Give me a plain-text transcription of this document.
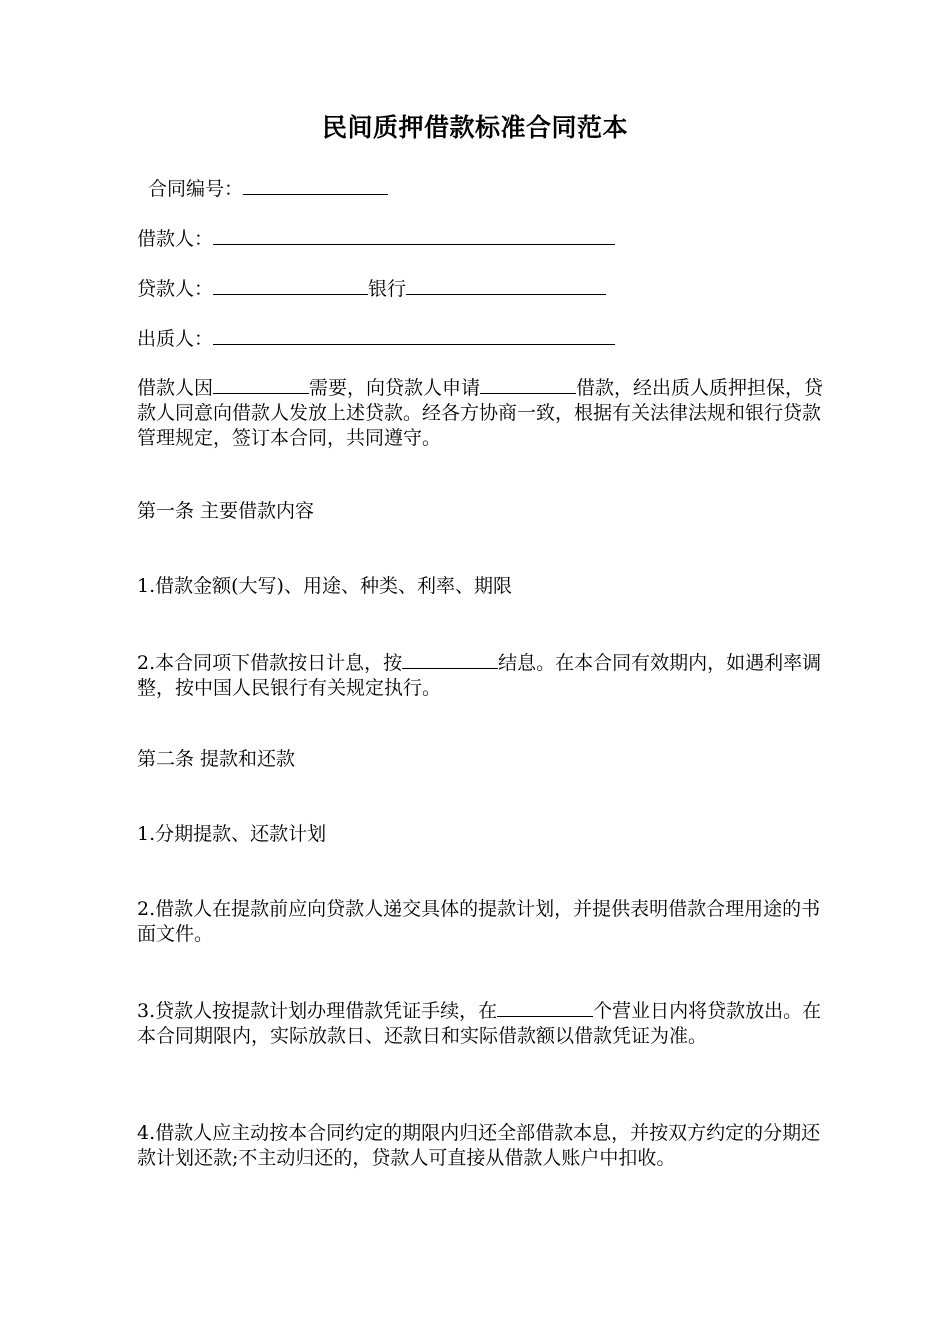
民间质押借款标准合同范本
合同编号：
借款人：
贷款人：	银行
出质人：
借款人因	需要，向贷款人申请	借款，经出质人质押担保，贷款人同意向借款人发放上述贷款。经各方协商一致，根据有关法律法规和银行贷款管理规定，签订本合同，共同遵守。
第一条 主要借款内容
1.借款金额(大写)、用途、种类、利率、期限
2.本合同项下借款按日计息，按	结息。在本合同有效期内，如遇利率调整，按中国人民银行有关规定执行。
第二条 提款和还款
1.分期提款、还款计划
2.借款人在提款前应向贷款人递交具体的提款计划，并提供表明借款合理用途的书面文件。
3.贷款人按提款计划办理借款凭证手续，在	个营业日内将贷款放出。在本合同期限内，实际放款日、还款日和实际借款额以借款凭证为准。
4.借款人应主动按本合同约定的期限内归还全部借款本息，并按双方约定的分期还款计划还款;不主动归还的，贷款人可直接从借款人账户中扣收。
